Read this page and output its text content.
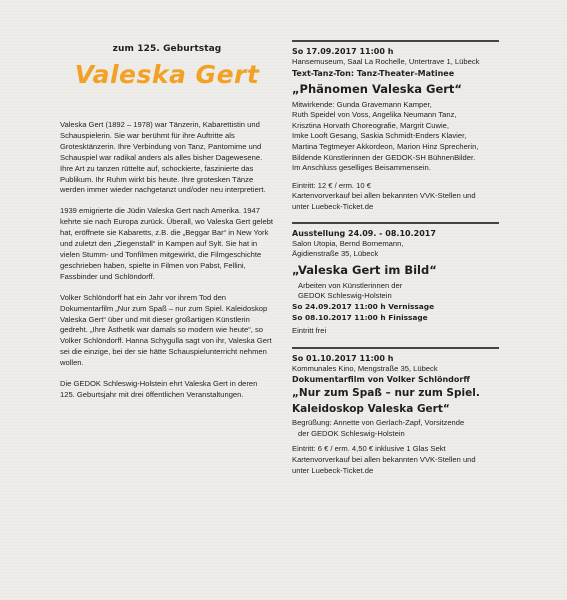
zum 125. Geburtstag

Valeska Gert

Valeska Gert (1892 – 1978) war Tänzerin, Kabarettistin und Schauspielerin. Sie war berühmt für ihre Auftritte als Grotesktänzerin. Ihre Verbindung von Tanz, Pantomime und Schauspiel war radikal anders als alles bisher Dagewesene. Ihre Art zu tanzen rüttelte auf, schockierte, faszinierte das Publikum. Ihr Ruhm wirkt bis heute. Ihre grotesken Tänze werden immer wieder nachgetanzt und/oder neu interpretiert.

1939 emigrierte die Jüdin Valeska Gert nach Amerika. 1947 kehrte sie nach Europa zurück. Überall, wo Valeska Gert gelebt hat, eröffnete sie Kabaretts, z.B. die „Beggar Bar“ in New York und zuletzt den „Ziegenstall“ in Kampen auf Sylt. Sie hat in vielen Stumm- und Tonfilmen mitgewirkt, die Filmgeschichte geschrieben haben, spielte in Filmen von Pabst, Fellini, Fassbinder und Schlöndorff.

Volker Schlöndorff hat ein Jahr vor ihrem Tod den Dokumentarfilm „Nur zum Spaß – nur zum Spiel. Kaleidoskop Valeska Gert“ über und mit dieser großartigen Künstlerin gedreht. „Ihre Ästhetik war damals so modern wie heute“, so Volker Schlöndorff. Hanna Schygulla sagt von ihr, Valeska Gert sei die einzige, bei der sie hätte Schauspielunterricht nehmen wollen.

Die GEDOK Schleswig-Holstein ehrt Valeska Gert in deren 125. Geburtsjahr mit drei öffentlichen Veranstaltungen.

So 17.09.2017 11:00 h

Hansemuseum, Saal La Rochelle, Untertrave 1, Lübeck

Text-Tanz-Ton: Tanz-Theater-Matinee

„Phänomen Valeska Gert“

Mitwirkende: Gunda Gravemann Kamper,

Ruth Speidel von Voss, Angelika Neumann Tanz,

Krisztina Horvath Choreografie, Margrit Cuwie,

Imke Looft Gesang, Saskia Schmidt-Enders Klavier,

Martina Tegtmeyer Akkordeon, Marion Hinz Sprecherin,

Bildende Künstlerinnen der GEDOK-SH BühnenBilder.

Im Anschluss geselliges Beisammensein.

Eintritt: 12 € / erm. 10 €

Kartenvorverkauf bei allen bekannten VVK-Stellen und

unter Luebeck-Ticket.de

Ausstellung 24.09. - 08.10.2017

Salon Utopia, Bernd Bornemann,

Ägidienstraße 35, Lübeck

„Valeska Gert im Bild“

Arbeiten von Künstlerinnen der

GEDOK Schleswig-Holstein

So 24.09.2017 11:00 h Vernissage

So 08.10.2017 11:00 h Finissage

Eintritt frei

So 01.10.2017 11:00 h

Kommunales Kino, Mengstraße 35, Lübeck

Dokumentarfilm von Volker Schlöndorff

„Nur zum Spaß – nur zum Spiel.

Kaleidoskop Valeska Gert“

Begrüßung: Annette von Gerlach-Zapf, Vorsitzende

der GEDOK Schleswig-Holstein

Eintritt: 6 € / erm. 4,50 € inklusive 1 Glas Sekt

Kartenvorverkauf bei allen bekannten VVK-Stellen und

unter Luebeck-Ticket.de
